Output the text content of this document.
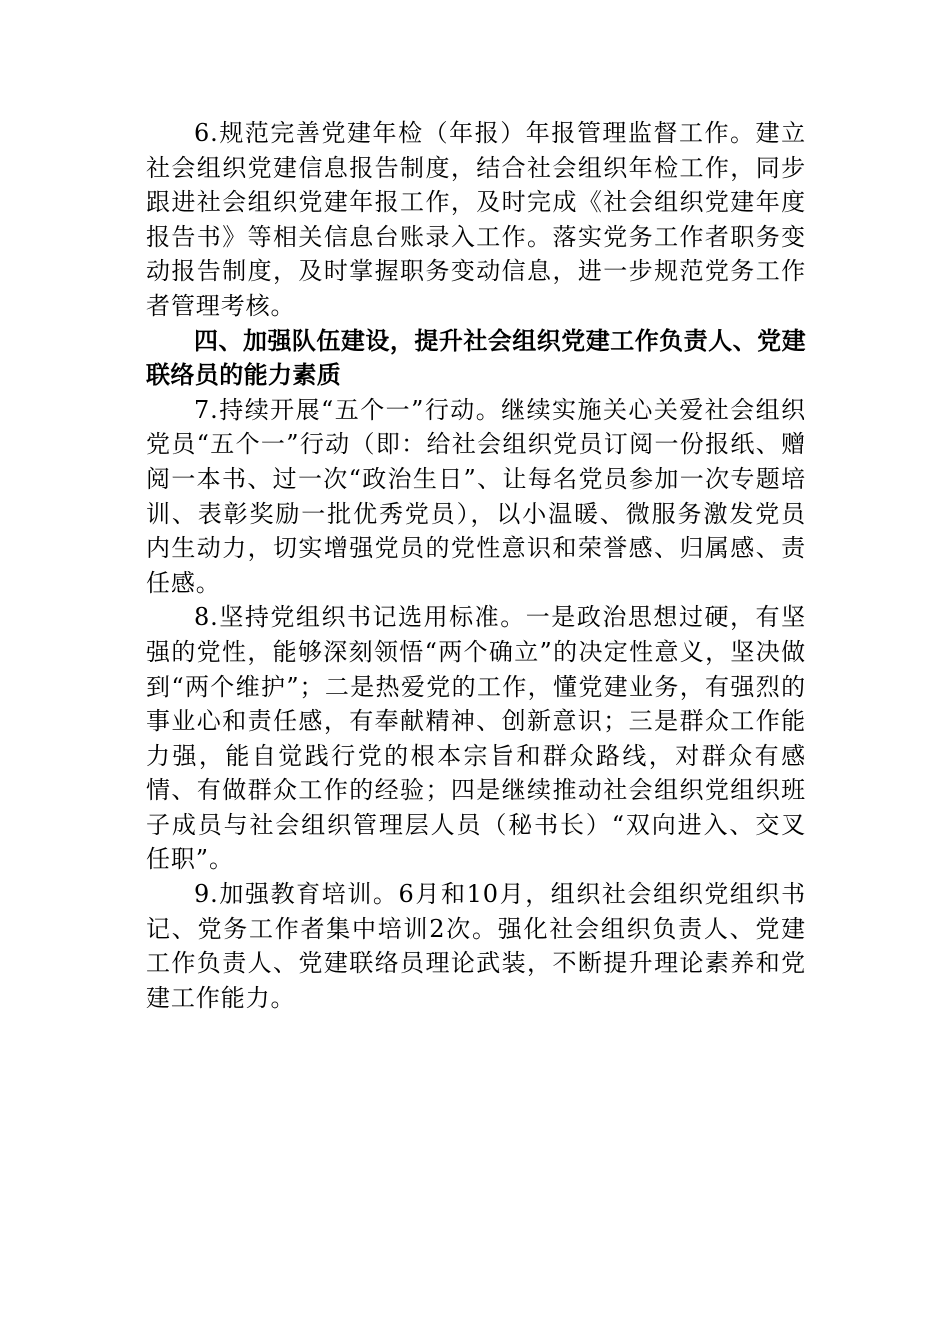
6.规范完善党建年检（年报）年报管理监督工作。建立社会组织党建信息报告制度，结合社会组织年检工作，同步跟进社会组织党建年报工作，及时完成《社会组织党建年度报告书》等相关信息台账录入工作。落实党务工作者职务变动报告制度，及时掌握职务变动信息，进一步规范党务工作者管理考核。

四、加强队伍建设，提升社会组织党建工作负责人、党建联络员的能力素质

7.持续开展“五个一”行动。继续实施关心关爱社会组织党员“五个一”行动（即：给社会组织党员订阅一份报纸、赠阅一本书、过一次“政治生日”、让每名党员参加一次专题培训、表彰奖励一批优秀党员），以小温暖、微服务激发党员内生动力，切实增强党员的党性意识和荣誉感、归属感、责任感。

8.坚持党组织书记选用标准。一是政治思想过硬，有坚强的党性，能够深刻领悟“两个确立”的决定性意义，坚决做到“两个维护”；二是热爱党的工作，懂党建业务，有强烈的事业心和责任感，有奉献精神、创新意识；三是群众工作能力强，能自觉践行党的根本宗旨和群众路线，对群众有感情、有做群众工作的经验；四是继续推动社会组织党组织班子成员与社会组织管理层人员（秘书长）“双向进入、交叉任职”。

9.加强教育培训。6月和10月，组织社会组织党组织书记、党务工作者集中培训2次。强化社会组织负责人、党建工作负责人、党建联络员理论武装，不断提升理论素养和党建工作能力。
